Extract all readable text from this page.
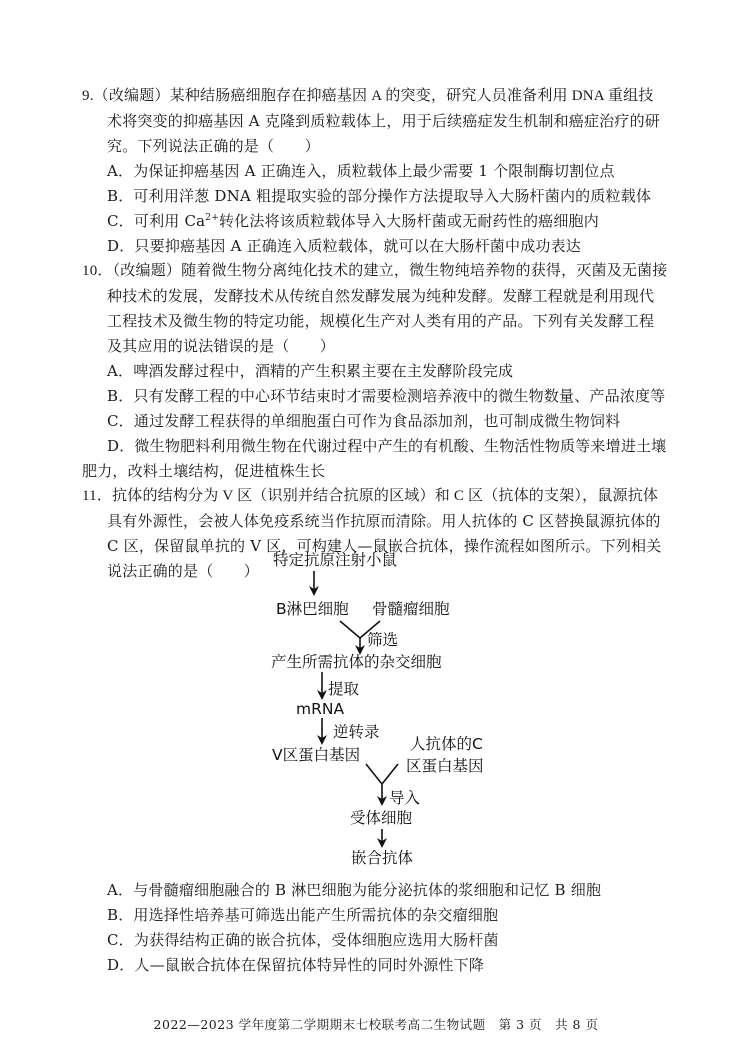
9.（改编题）某种结肠癌细胞存在抑癌基因 A 的突变，研究人员准备利用 DNA 重组技
术将突变的抑癌基因 A 克隆到质粒载体上，用于后续癌症发生机制和癌症治疗的研
究。下列说法正确的是（　　）
A．为保证抑癌基因 A 正确连入，质粒载体上最少需要 1 个限制酶切割位点
B．可利用洋葱 DNA 粗提取实验的部分操作方法提取导入大肠杆菌内的质粒载体
C．可利用 $Ca^{2+}$转化法将该质粒载体导入大肠杆菌或无耐药性的癌细胞内
D．只要抑癌基因 A 正确连入质粒载体，就可以在大肠杆菌中成功表达
10．（改编题）随着微生物分离纯化技术的建立，微生物纯培养物的获得，灭菌及无菌接
种技术的发展，发酵技术从传统自然发酵发展为纯种发酵。发酵工程就是利用现代
工程技术及微生物的特定功能，规模化生产对人类有用的产品。下列有关发酵工程
及其应用的说法错误的是（　　）
A．啤酒发酵过程中，酒精的产生积累主要在主发酵阶段完成
B．只有发酵工程的中心环节结束时才需要检测培养液中的微生物数量、产品浓度等
C．通过发酵工程获得的单细胞蛋白可作为食品添加剂，也可制成微生物饲料
D．微生物肥料利用微生物在代谢过程中产生的有机酸、生物活性物质等来增进土壤
肥力，改料土壤结构，促进植株生长
11．抗体的结构分为 V 区（识别并结合抗原的区域）和 C 区（抗体的支架），鼠源抗体
具有外源性，会被人体免疫系统当作抗原而清除。用人抗体的 C 区替换鼠源抗体的
C 区，保留鼠单抗的 V 区，可构建人—鼠嵌合抗体，操作流程如图所示。下列相关
说法正确的是（　　）
特定抗原注射小鼠
B淋巴细胞 骨髓瘤细胞
筛选
产生所需抗体的杂交细胞
提取
mRNA
逆转录
V区蛋白基因
人抗体的C
区蛋白基因
导入
受体细胞
嵌合抗体
A．与骨髓瘤细胞融合的 B 淋巴细胞为能分泌抗体的浆细胞和记忆 B 细胞
B．用选择性培养基可筛选出能产生所需抗体的杂交瘤细胞
C．为获得结构正确的嵌合抗体，受体细胞应选用大肠杆菌
D．人—鼠嵌合抗体在保留抗体特异性的同时外源性下降
2022—2023 学年度第二学期期末七校联考高二生物试题　第 3 页　共 8 页
